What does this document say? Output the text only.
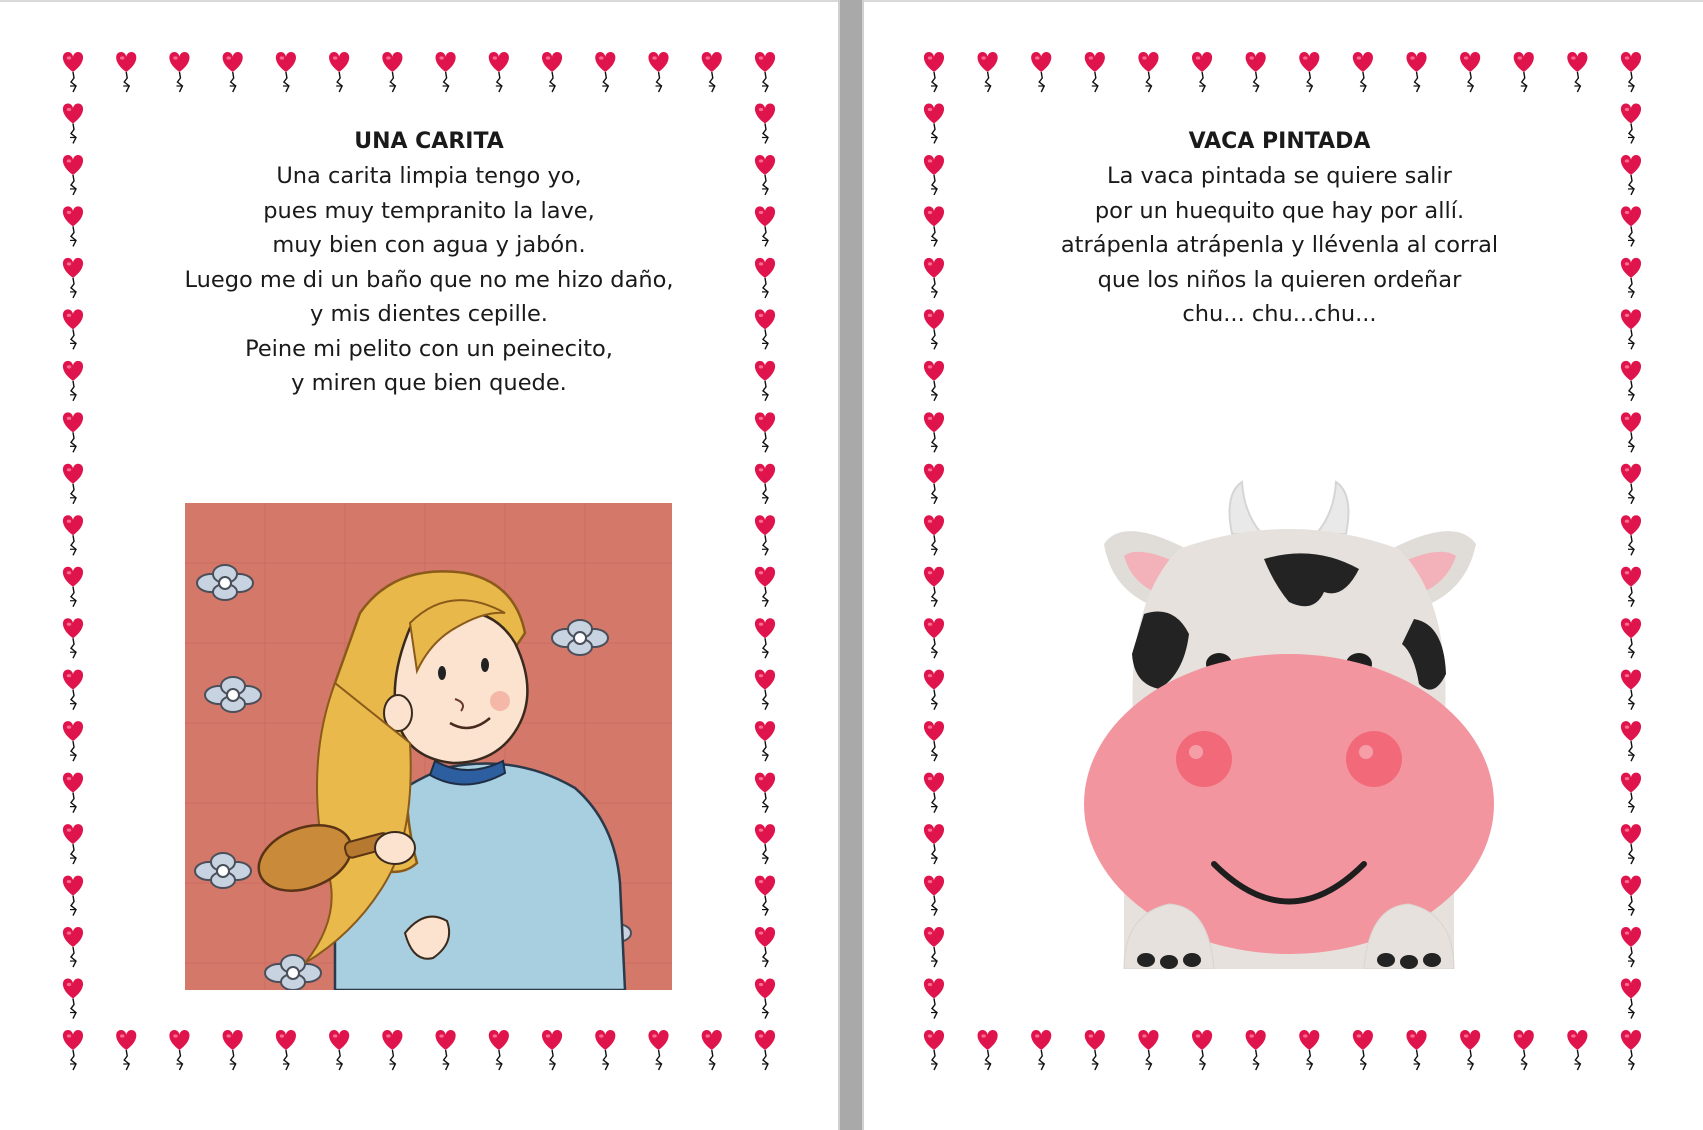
UNA CARITA
Una carita limpia tengo yo,
pues muy tempranito la lave,
muy bien con agua y jabón.
Luego me di un baño que no me hizo daño,
y mis dientes cepille.
Peine mi pelito con un peinecito,
y miren que bien quede.
VACA PINTADA
La vaca pintada se quiere salir
por un huequito que hay por allí.
atrápenla atrápenla y llévenla al corral
que los niños la quieren ordeñar
chu... chu...chu...
